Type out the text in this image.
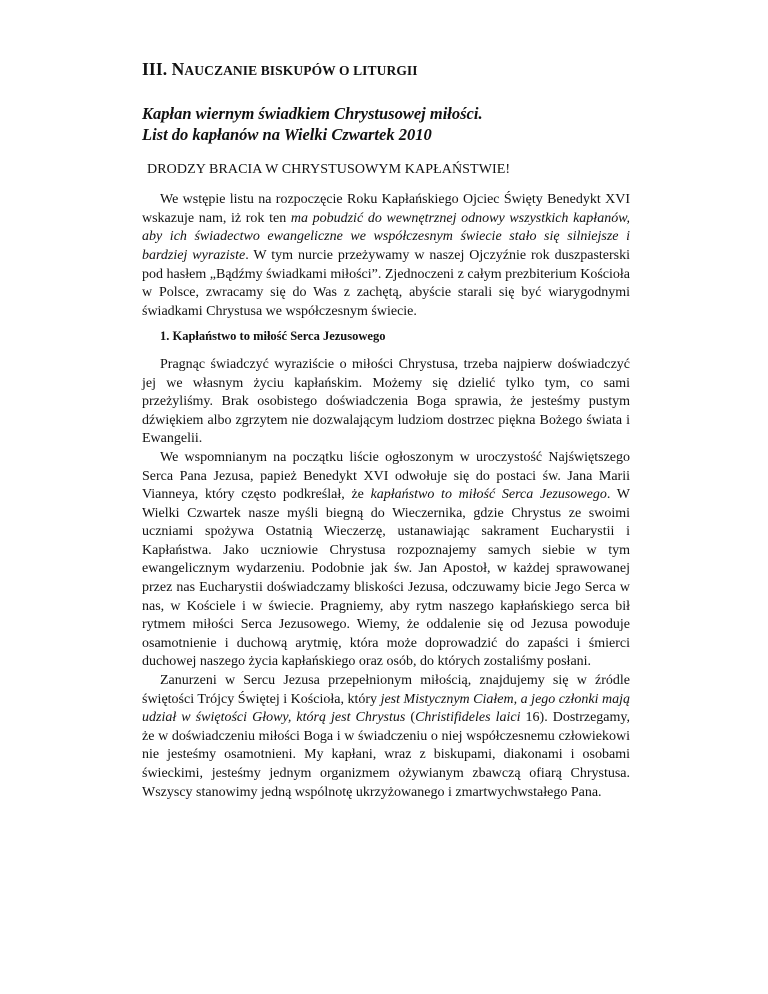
III. NAUCZANIE BISKUPÓW O LITURGII
Kapłan wiernym świadkiem Chrystusowej miłości.
List do kapłanów na Wielki Czwartek 2010
DRODZY BRACIA W CHRYSTUSOWYM KAPŁAŃSTWIE!

We wstępie listu na rozpoczęcie Roku Kapłańskiego Ojciec Święty Benedykt XVI wskazuje nam, iż rok ten ma pobudzić do wewnętrznej odnowy wszystkich kapłanów, aby ich świadectwo ewangeliczne we współczesnym świecie stało się silniejsze i bardziej wyraziste. W tym nurcie przeżywamy w naszej Ojczyźnie rok duszpasterski pod hasłem „Bądźmy świadkami miłości”. Zjednoczeni z całym prezbiterium Kościoła w Polsce, zwracamy się do Was z zachętą, abyście starali się być wiarygodnymi świadkami Chrystusa we współczesnym świecie.

1. Kapłaństwo to miłość Serca Jezusowego

Pragnąc świadczyć wyraziście o miłości Chrystusa, trzeba najpierw doświadczyć jej we własnym życiu kapłańskim. Możemy się dzielić tylko tym, co sami przeżyliśmy. Brak osobistego doświadczenia Boga sprawia, że jesteśmy pustym dźwiękiem albo zgrzytem nie dozwalającym ludziom dostrzec piękna Bożego świata i Ewangelii.

We wspomnianym na początku liście ogłoszonym w uroczystość Najświętszego Serca Pana Jezusa, papież Benedykt XVI odwołuje się do postaci św. Jana Marii Vianneya, który często podkreślał, że kapłaństwo to miłość Serca Jezusowego. W Wielki Czwartek nasze myśli biegną do Wieczernika, gdzie Chrystus ze swoimi uczniami spożywa Ostatnią Wieczerzę, ustanawiając sakrament Eucharystii i Kapłaństwa. Jako uczniowie Chrystusa rozpoznajemy samych siebie w tym ewangelicznym wydarzeniu. Podobnie jak św. Jan Apostoł, w każdej sprawowanej przez nas Eucharystii doświadczamy bliskości Jezusa, odczuwamy bicie Jego Serca w nas, w Kościele i w świecie. Pragniemy, aby rytm naszego kapłańskiego serca bił rytmem miłości Serca Jezusowego. Wiemy, że oddalenie się od Jezusa powoduje osamotnienie i duchową arytmię, która może doprowadzić do zapaści i śmierci duchowej naszego życia kapłańskiego oraz osób, do których zostaliśmy posłani.

Zanurzeni w Sercu Jezusa przepełnionym miłością, znajdujemy się w źródle świętości Trójcy Świętej i Kościoła, który jest Mistycznym Ciałem, a jego członki mają udział w świętości Głowy, którą jest Chrystus (Christifideles laici 16). Dostrzegamy, że w doświadczeniu miłości Boga i w świadczeniu o niej współczesnemu człowiekowi nie jesteśmy osamotnieni. My kapłani, wraz z biskupami, diakonami i osobami świeckimi, jesteśmy jednym organizmem ożywianym zbawczą ofiarą Chrystusa. Wszyscy stanowimy jedną wspólnotę ukrzyżowanego i zmartwychwstałego Pana.
